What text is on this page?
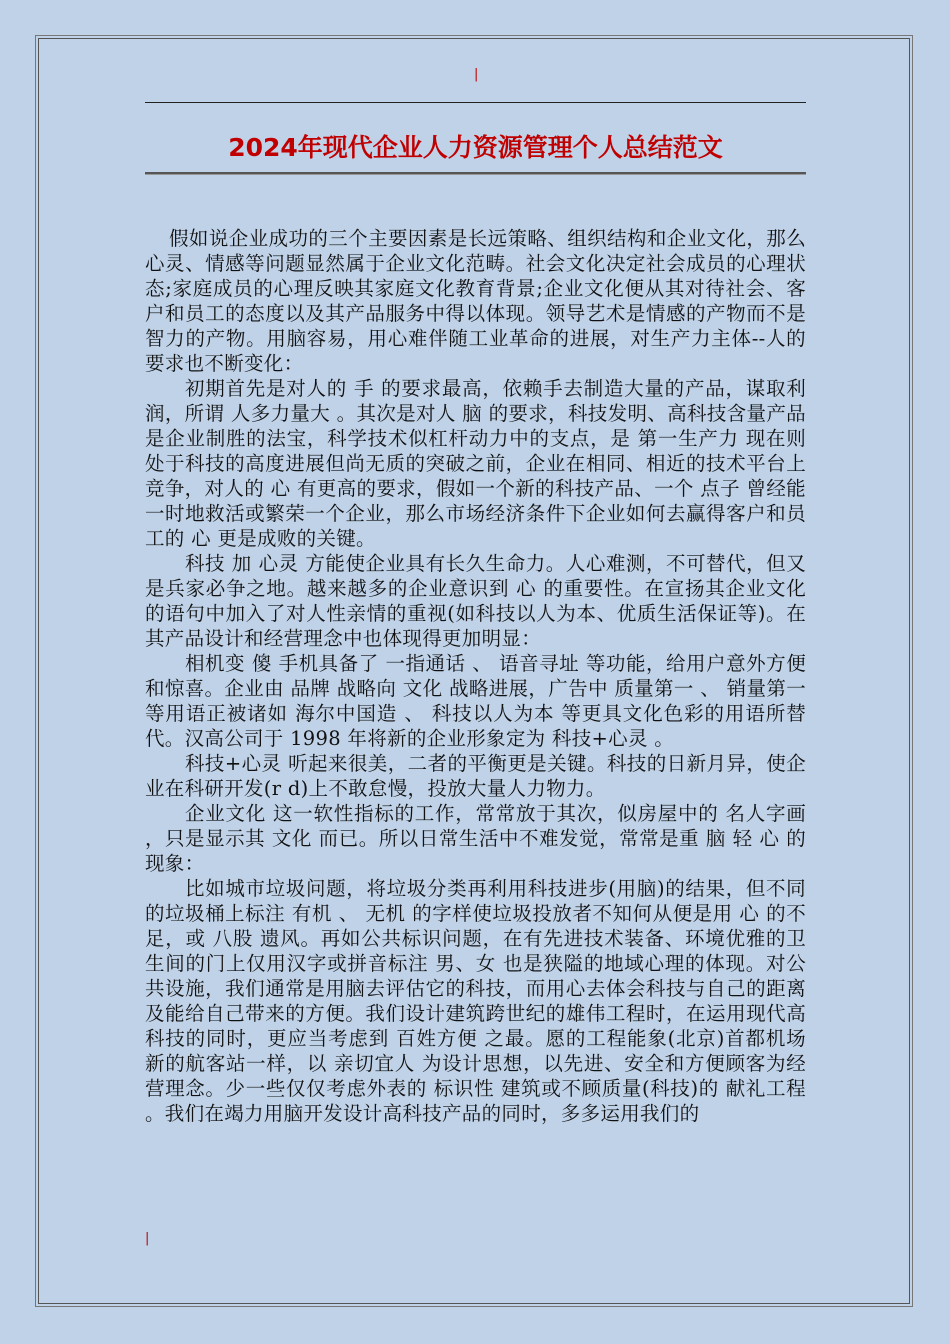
|
2024年现代企业人力资源管理个人总结范文

假如说企业成功的三个主要因素是长远策略、组织结构和企业文化，那么心灵、情感等问题显然属于企业文化范畴。社会文化决定社会成员的心理状态;家庭成员的心理反映其家庭文化教育背景;企业文化便从其对待社会、客户和员工的态度以及其产品服务中得以体现。领导艺术是情感的产物而不是智力的产物。用脑容易，用心难伴随工业革命的进展，对生产力主体--人的要求也不断变化：

初期首先是对人的 手 的要求最高，依赖手去制造大量的产品，谋取利润，所谓 人多力量大 。其次是对人 脑 的要求，科技发明、高科技含量产品是企业制胜的法宝，科学技术似杠杆动力中的支点，是 第一生产力 现在则处于科技的高度进展但尚无质的突破之前，企业在相同、相近的技术平台上竞争，对人的 心 有更高的要求，假如一个新的科技产品、一个 点子 曾经能一时地救活或繁荣一个企业，那么市场经济条件下企业如何去赢得客户和员工的 心 更是成败的关键。

科技 加 心灵 方能使企业具有长久生命力。人心难测，不可替代，但又是兵家必争之地。越来越多的企业意识到 心 的重要性。在宣扬其企业文化的语句中加入了对人性亲情的重视(如科技以人为本、优质生活保证等)。在其产品设计和经营理念中也体现得更加明显：

相机变 傻 手机具备了 一指通话 、 语音寻址 等功能，给用户意外方便和惊喜。企业由 品牌 战略向 文化 战略进展，广告中 质量第一 、 销量第一 等用语正被诸如 海尔中国造 、 科技以人为本 等更具文化色彩的用语所替代。汉高公司于 1998 年将新的企业形象定为 科技+心灵 。

科技+心灵 听起来很美，二者的平衡更是关键。科技的日新月异，使企业在科研开发(r d)上不敢怠慢，投放大量人力物力。

企业文化 这一软性指标的工作，常常放于其次，似房屋中的 名人字画 ，只是显示其 文化 而已。所以日常生活中不难发觉，常常是重 脑 轻 心 的现象：

比如城市垃圾问题，将垃圾分类再利用科技进步(用脑)的结果，但不同的垃圾桶上标注 有机 、 无机 的字样使垃圾投放者不知何从便是用 心 的不足，或 八股 遗风。再如公共标识问题，在有先进技术装备、环境优雅的卫生间的门上仅用汉字或拼音标注 男、女 也是狭隘的地域心理的体现。对公共设施，我们通常是用脑去评估它的科技，而用心去体会科技与自己的距离及能给自己带来的方便。我们设计建筑跨世纪的雄伟工程时，在运用现代高科技的同时，更应当考虑到 百姓方便 之最。愿的工程能象(北京)首都机场新的航客站一样，以 亲切宜人 为设计思想，以先进、安全和方便顾客为经营理念。少一些仅仅考虑外表的 标识性 建筑或不顾质量(科技)的 献礼工程 。我们在竭力用脑开发设计高科技产品的同时，多多运用我们的

|
